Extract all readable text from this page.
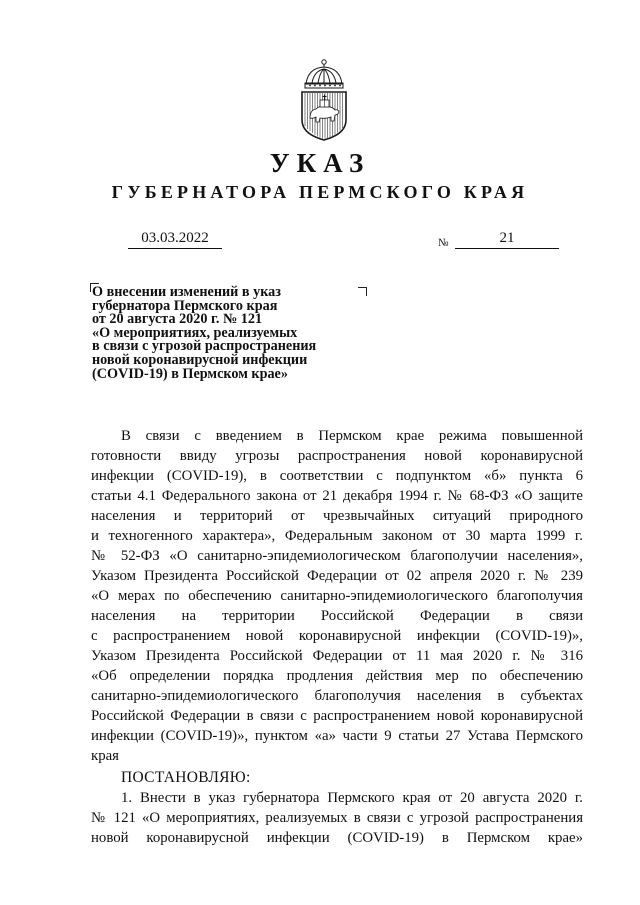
УКАЗ
ГУБЕРНАТОРА ПЕРМСКОГО КРАЯ
03.03.2022	№	21
О внесении изменений в указ
губернатора Пермского края
от 20 августа 2020 г. № 121
«О мероприятиях, реализуемых
в связи с угрозой распространения
новой коронавирусной инфекции
(COVID-19) в Пермском крае»
В связи с введением в Пермском крае режима повышенной
готовности ввиду угрозы распространения новой коронавирусной
инфекции (COVID-19), в соответствии с подпунктом «б» пункта 6
статьи 4.1 Федерального закона от 21 декабря 1994 г. № 68-ФЗ «О защите
населения и территорий от чрезвычайных ситуаций природного
и техногенного характера», Федеральным законом от 30 марта 1999 г.
№ 52-ФЗ «О санитарно-эпидемиологическом благополучии населения»,
Указом Президента Российской Федерации от 02 апреля 2020 г. № 239
«О мерах по обеспечению санитарно-эпидемиологического благополучия
населения на территории Российской Федерации в связи
с распространением новой коронавирусной инфекции (COVID-19)»,
Указом Президента Российской Федерации от 11 мая 2020 г. № 316
«Об определении порядка продления действия мер по обеспечению
санитарно-эпидемиологического благополучия населения в субъектах
Российской Федерации в связи с распространением новой коронавирусной
инфекции (COVID-19)», пунктом «а» части 9 статьи 27 Устава Пермского
края
ПОСТАНОВЛЯЮ:
1. Внести в указ губернатора Пермского края от 20 августа 2020 г.
№ 121 «О мероприятиях, реализуемых в связи с угрозой распространения
новой коронавирусной инфекции (COVID-19) в Пермском крае»
